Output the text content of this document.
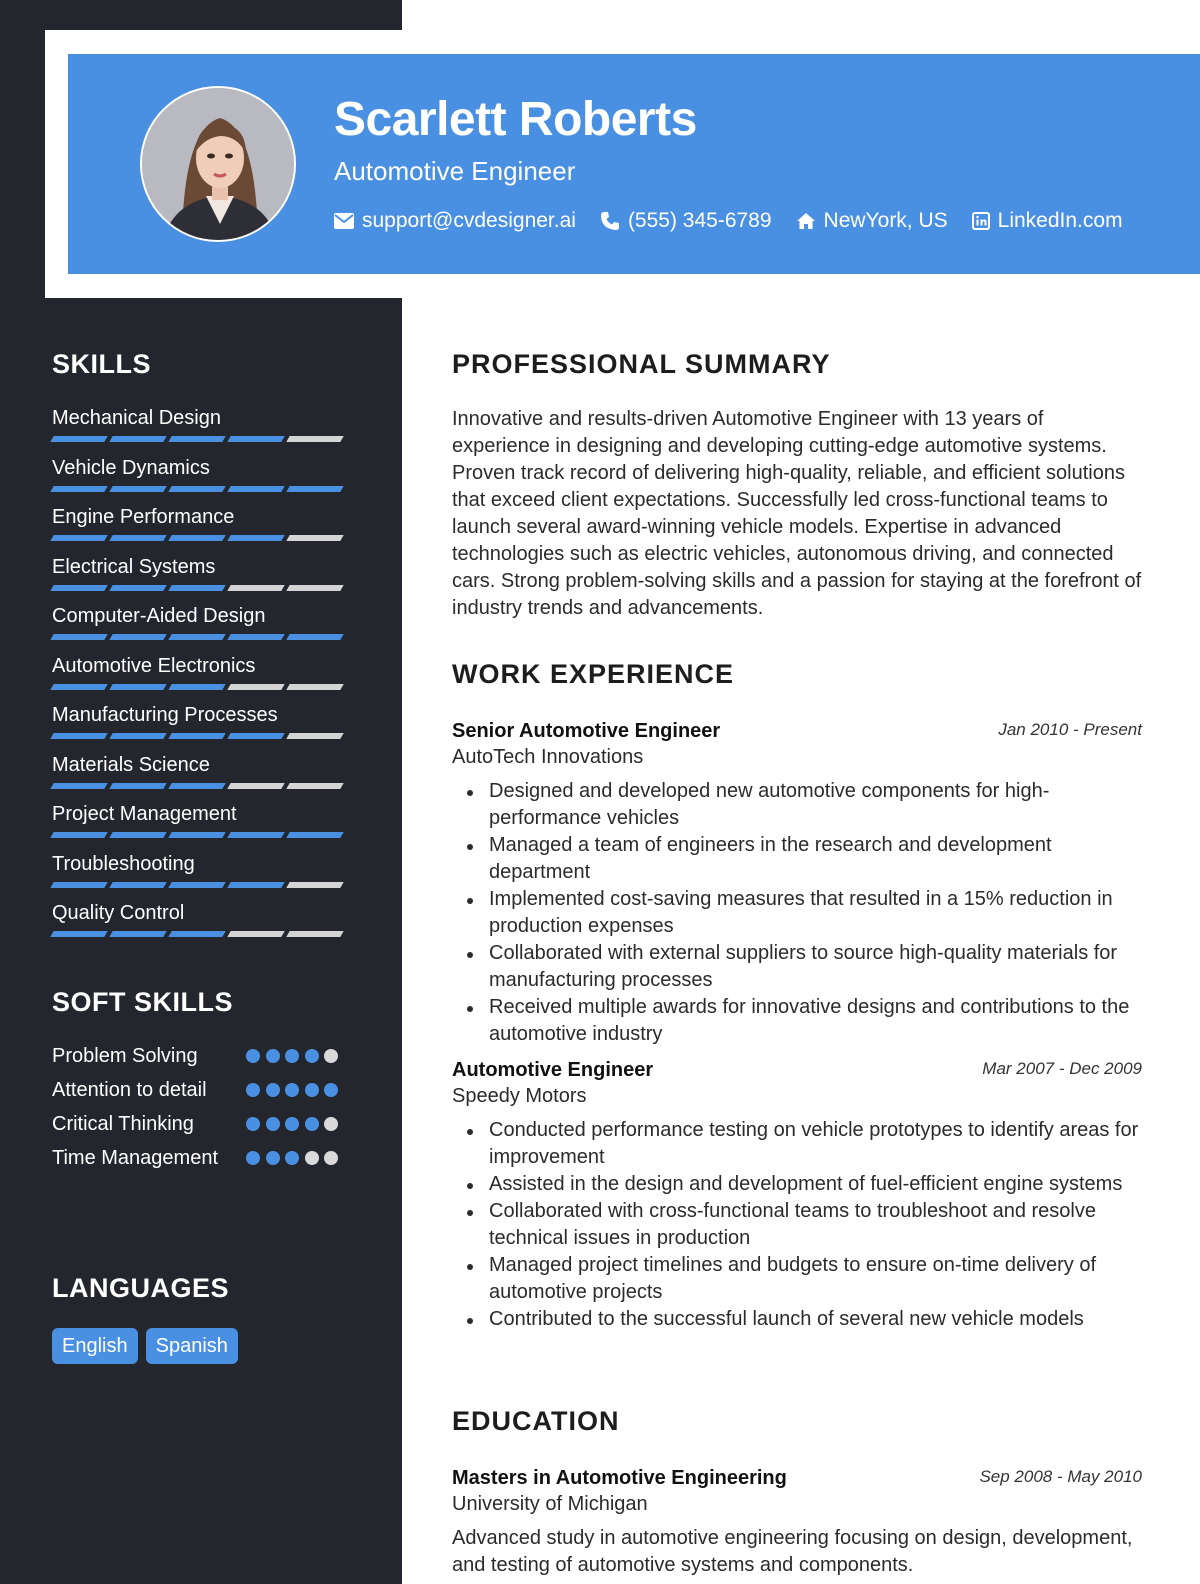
Scarlett Roberts
Automotive Engineer
support@cvdesigner.ai (555) 345-6789 NewYork, US LinkedIn.com
SKILLS
Mechanical Design
Vehicle Dynamics
Engine Performance
Electrical Systems
Computer-Aided Design
Automotive Electronics
Manufacturing Processes
Materials Science
Project Management
Troubleshooting
Quality Control
SOFT SKILLS
Problem Solving
Attention to detail
Critical Thinking
Time Management
LANGUAGES
English	Spanish
PROFESSIONAL SUMMARY

Innovative and results-driven Automotive Engineer with 13 years of experience in designing and developing cutting-edge automotive systems. Proven track record of delivering high-quality, reliable, and efficient solutions that exceed client expectations. Successfully led cross-functional teams to launch several award-winning vehicle models. Expertise in advanced technologies such as electric vehicles, autonomous driving, and connected cars. Strong problem-solving skills and a passion for staying at the forefront of industry trends and advancements.

WORK EXPERIENCE
Senior Automotive Engineer	Jan 2010 - Present
AutoTech Innovations
Designed and developed new automotive components for high-performance vehicles
Managed a team of engineers in the research and development department
Implemented cost-saving measures that resulted in a 15% reduction in production expenses
Collaborated with external suppliers to source high-quality materials for manufacturing processes
Received multiple awards for innovative designs and contributions to the automotive industry
Automotive Engineer	Mar 2007 - Dec 2009
Speedy Motors
Conducted performance testing on vehicle prototypes to identify areas for improvement
Assisted in the design and development of fuel-efficient engine systems
Collaborated with cross-functional teams to troubleshoot and resolve technical issues in production
Managed project timelines and budgets to ensure on-time delivery of automotive projects
Contributed to the successful launch of several new vehicle models
EDUCATION
Masters in Automotive Engineering	Sep 2008 - May 2010
University of Michigan

Advanced study in automotive engineering focusing on design, development, and testing of automotive systems and components.
